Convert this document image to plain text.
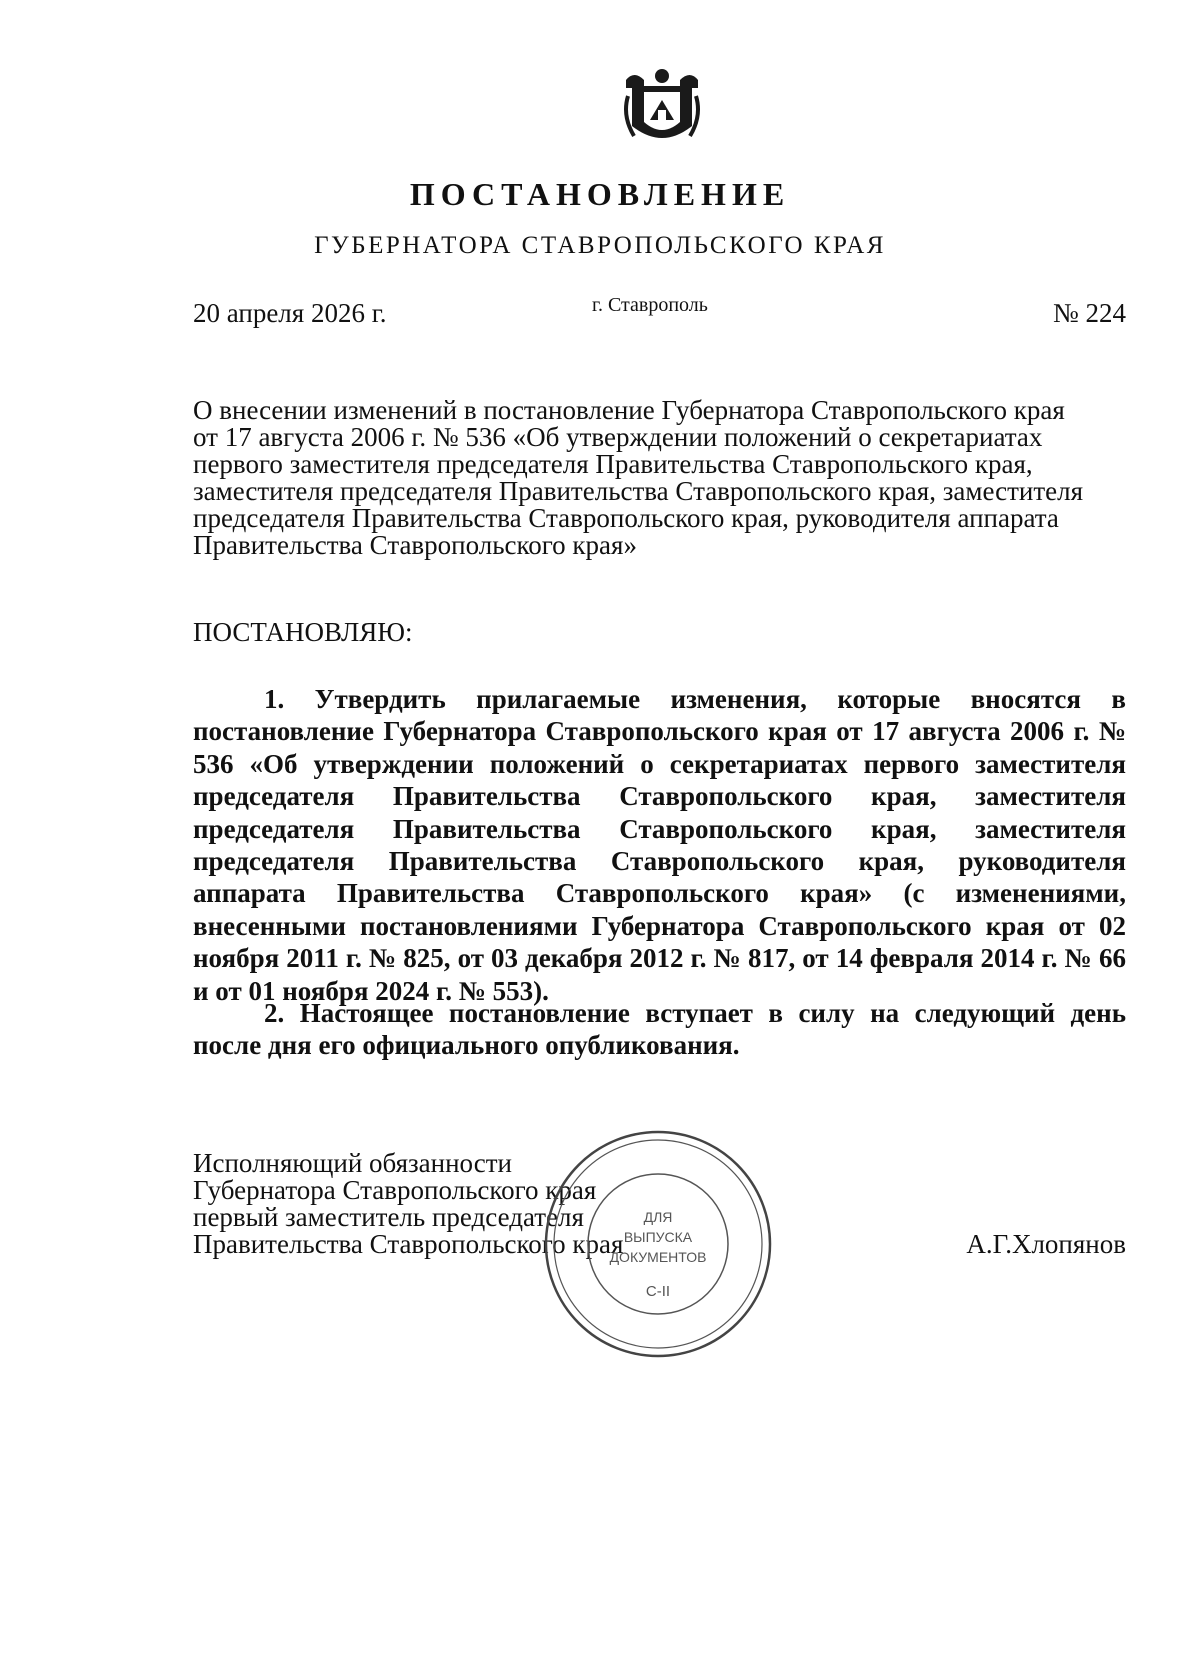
ПОСТАНОВЛЕНИЕ
ГУБЕРНАТОРА СТАВРОПОЛЬСКОГО КРАЯ
20 апреля 2026 г.	г. Ставрополь	№ 224
О внесении изменений в постановление Губернатора Ставропольского края
от 17 августа 2006 г. № 536 «Об утверждении положений о секретариатах
первого заместителя председателя Правительства Ставропольского края,
заместителя председателя Правительства Ставропольского края, заместителя
председателя Правительства Ставропольского края, руководителя аппарата
Правительства Ставропольского края»
ПОСТАНОВЛЯЮ:
1. Утвердить прилагаемые изменения, которые вносятся в постановление Губернатора Ставропольского края от 17 августа 2006 г. № 536 «Об утверждении положений о секретариатах первого заместителя председателя Правительства Ставропольского края, заместителя председателя Правительства Ставропольского края, заместителя председателя Правительства Ставропольского края, руководителя аппарата Правительства Ставропольского края» (с изменениями, внесенными постановлениями Губернатора Ставропольского края от 02 ноября 2011 г. № 825, от 03 декабря 2012 г. № 817, от 14 февраля 2014 г. № 66 и от 01 ноября 2024 г. № 553).
2. Настоящее постановление вступает в силу на следующий день после дня его официального опубликования.
Исполняющий обязанности
Губернатора Ставропольского края
первый заместитель председателя
Правительства Ставропольского края	А.Г.Хлопянов
ДЛЯ
ВЫПУСКА
ДОКУМЕНТОВ
С-II
